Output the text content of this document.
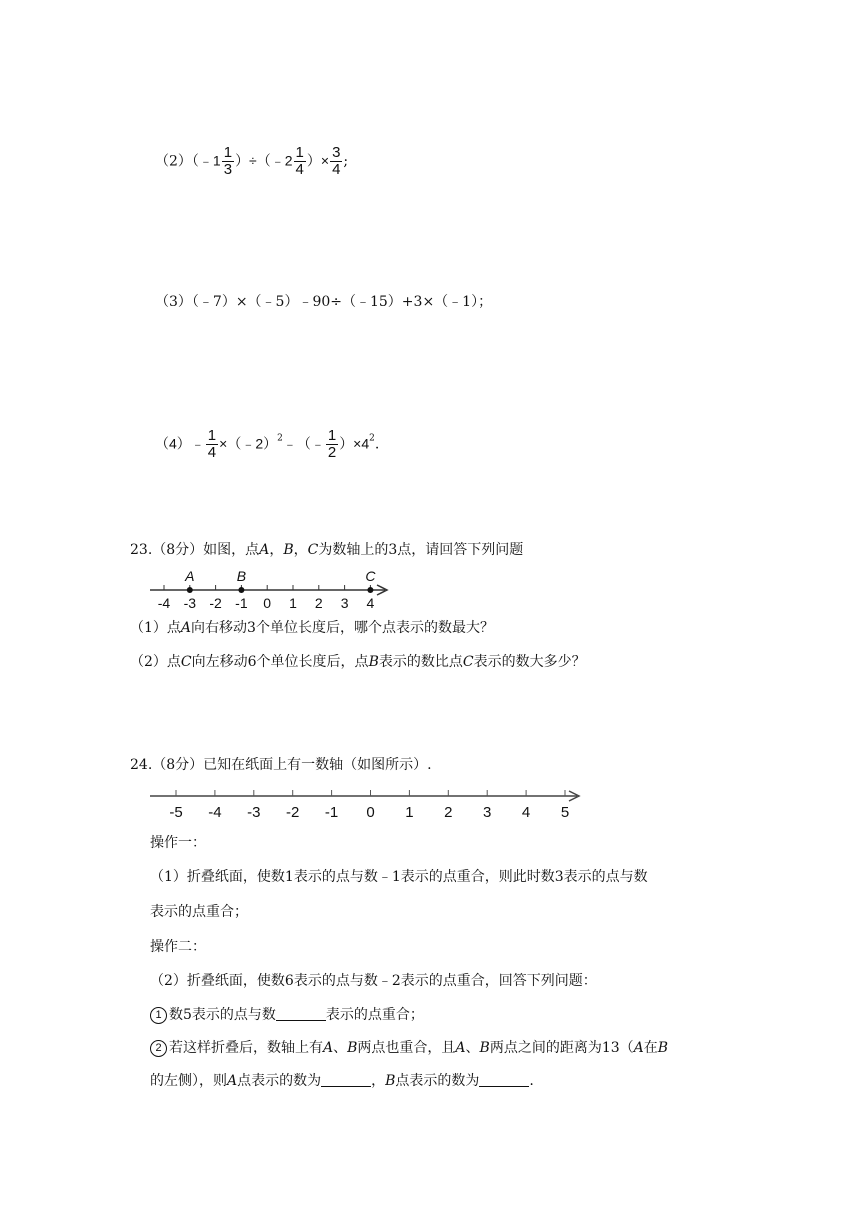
（2）（﹣1 $\frac{1}{3}$ ）÷（﹣2 $\frac{1}{4}$ ）× $\frac{3}{4}$ ;
（3）（﹣7）×（﹣5）﹣90÷（﹣15）+3×（﹣1）；
（4）﹣ $\frac{1}{4}$ ×（﹣2）$^2$﹣（﹣ $\frac{1}{2} )\times 4^2$.
23.（8分）如图，点A，B，C为数轴上的3点，请回答下列问题
-4 -3 -2 -1 0 1 2 3 4
A	B	C
（1）点A向右移动3个单位长度后，哪个点表示的数最大？
（2）点C向左移动6个单位长度后，点B表示的数比点C表示的数大多少？
24.（8分）已知在纸面上有一数轴（如图所示）.
-5 -4 -3 -2 -1 0 1 2 3 4 5
操作一：
（1）折叠纸面，使数1表示的点与数﹣1表示的点重合，则此时数3表示的点与数
表示的点重合；
操作二：
（2）折叠纸面，使数6表示的点与数﹣2表示的点重合，回答下列问题：
1 数5表示的点与数	表示的点重合；
2 若这样折叠后，数轴上有A、B两点也重合，且A、B两点之间的距离为13（A在B
的左侧），则A点表示的数为	，B点表示的数为	.
